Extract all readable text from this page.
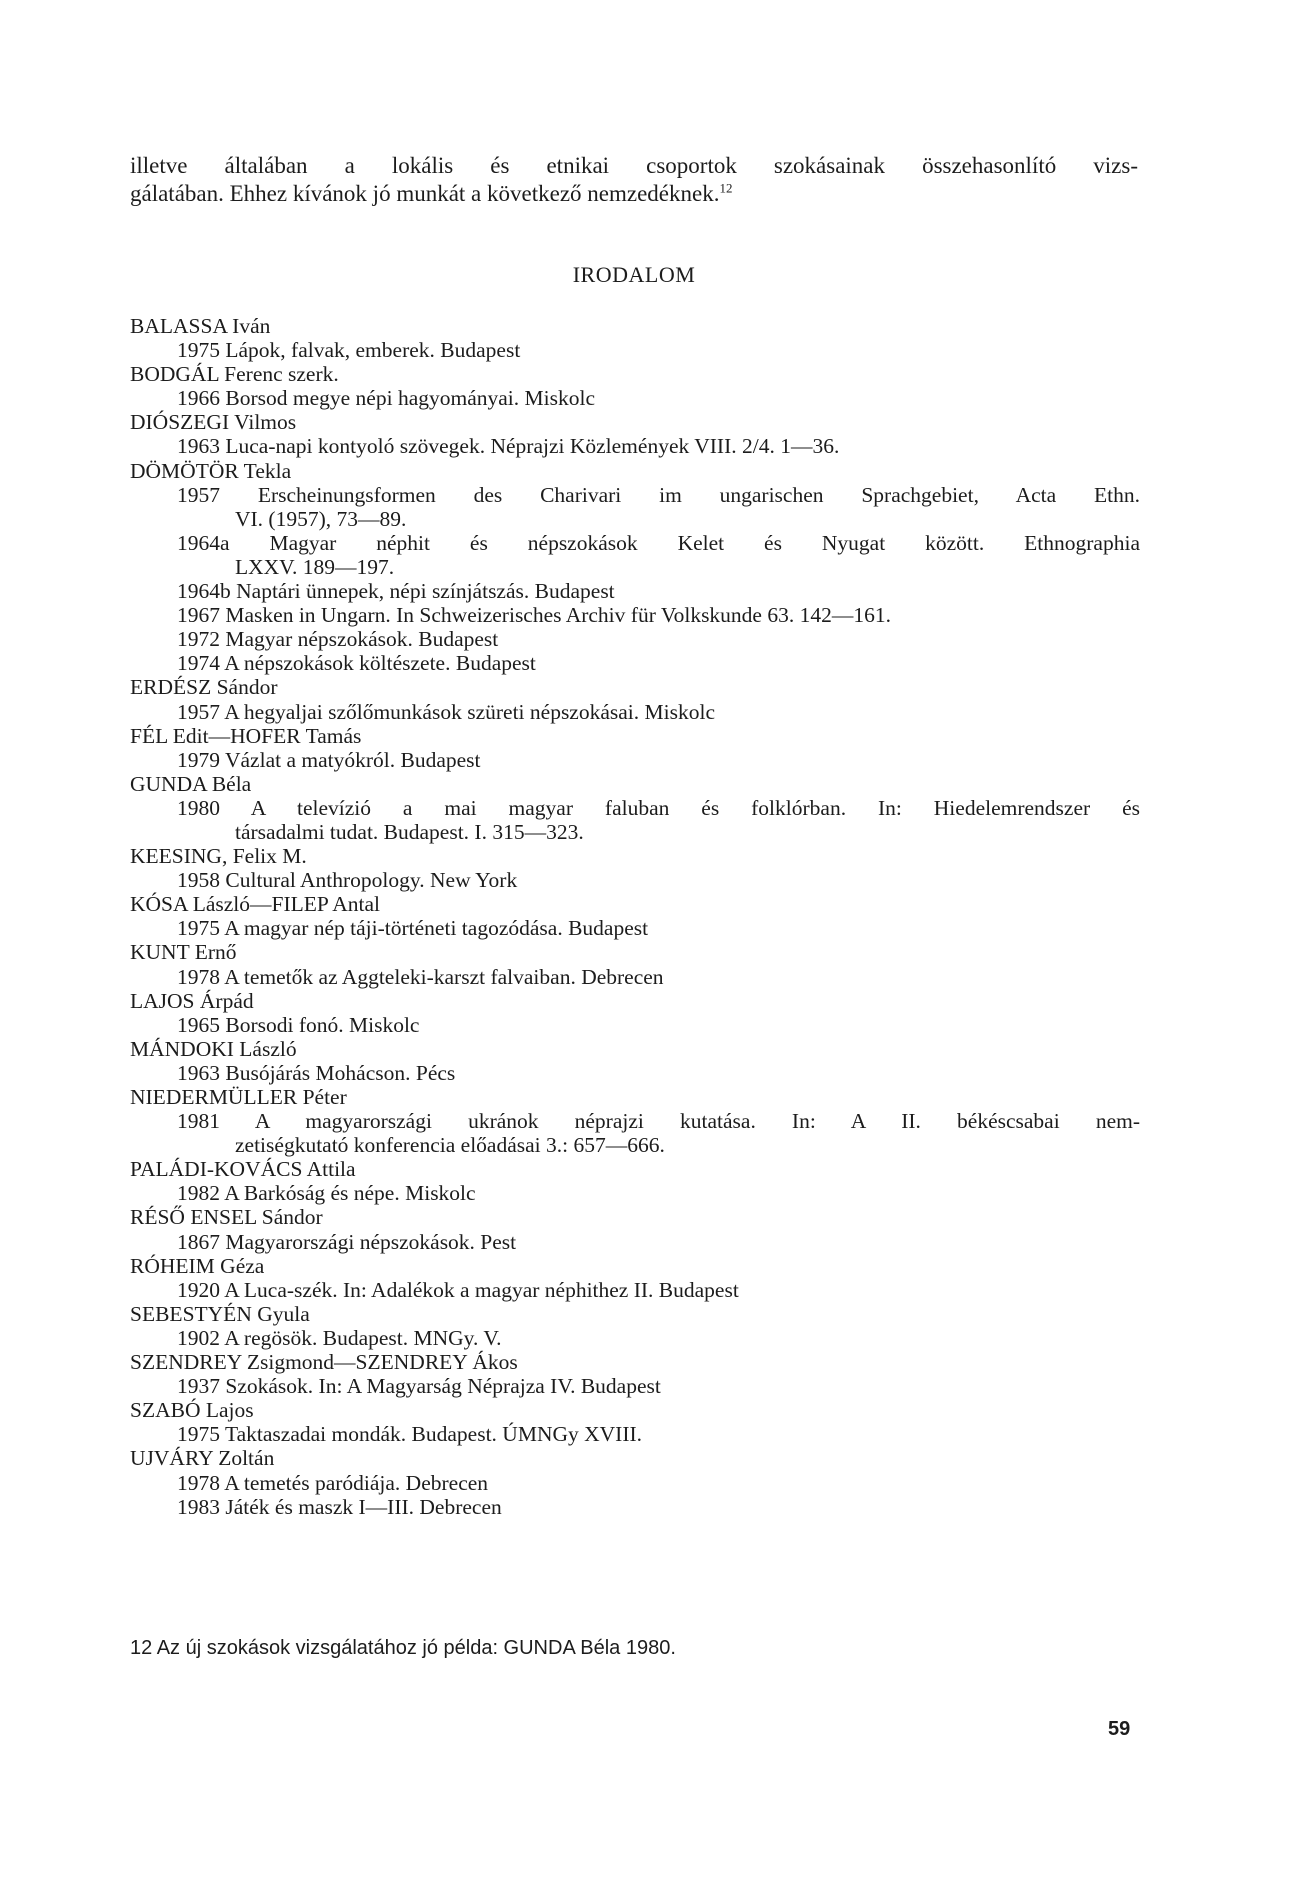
illetve általában a lokális és etnikai csoportok szokásainak összehasonlító vizs-
gálatában. Ehhez kívánok jó munkát a következő nemzedéknek.$^{12}$
IRODALOM
BALASSA Iván
1975 Lápok, falvak, emberek. Budapest
BODGÁL Ferenc szerk.
1966 Borsod megye népi hagyományai. Miskolc
DIÓSZEGI Vilmos
1963 Luca-napi kontyoló szövegek. Néprajzi Közlemények VIII. 2/4. 1—36.
DÖMÖTÖR Tekla
1957 Erscheinungsformen des Charivari im ungarischen Sprachgebiet, Acta Ethn.
VI. (1957), 73—89.
1964a Magyar néphit és népszokások Kelet és Nyugat között. Ethnographia
LXXV. 189—197.
1964b Naptári ünnepek, népi színjátszás. Budapest
1967 Masken in Ungarn. In Schweizerisches Archiv für Volkskunde 63. 142—161.
1972 Magyar népszokások. Budapest
1974 A népszokások költészete. Budapest
ERDÉSZ Sándor
1957 A hegyaljai szőlőmunkások szüreti népszokásai. Miskolc
FÉL Edit—HOFER Tamás
1979 Vázlat a matyókról. Budapest
GUNDA Béla
1980 A televízió a mai magyar faluban és folklórban. In: Hiedelemrendszer és
társadalmi tudat. Budapest. I. 315—323.
KEESING, Felix M.
1958 Cultural Anthropology. New York
KÓSA László—FILEP Antal
1975 A magyar nép táji-történeti tagozódása. Budapest
KUNT Ernő
1978 A temetők az Aggteleki-karszt falvaiban. Debrecen
LAJOS Árpád
1965 Borsodi fonó. Miskolc
MÁNDOKI László
1963 Busójárás Mohácson. Pécs
NIEDERMÜLLER Péter
1981 A magyarországi ukránok néprajzi kutatása. In: A II. békéscsabai nem-
zetiségkutató konferencia előadásai 3.: 657—666.
PALÁDI-KOVÁCS Attila
1982 A Barkóság és népe. Miskolc
RÉSŐ ENSEL Sándor
1867 Magyarországi népszokások. Pest
RÓHEIM Géza
1920 A Luca-szék. In: Adalékok a magyar néphithez II. Budapest
SEBESTYÉN Gyula
1902 A regösök. Budapest. MNGy. V.
SZENDREY Zsigmond—SZENDREY Ákos
1937 Szokások. In: A Magyarság Néprajza IV. Budapest
SZABÓ Lajos
1975 Taktaszadai mondák. Budapest. ÚMNGy XVIII.
UJVÁRY Zoltán
1978 A temetés paródiája. Debrecen
1983 Játék és maszk I—III. Debrecen
12 Az új szokások vizsgálatához jó példa: GUNDA Béla 1980.
59
